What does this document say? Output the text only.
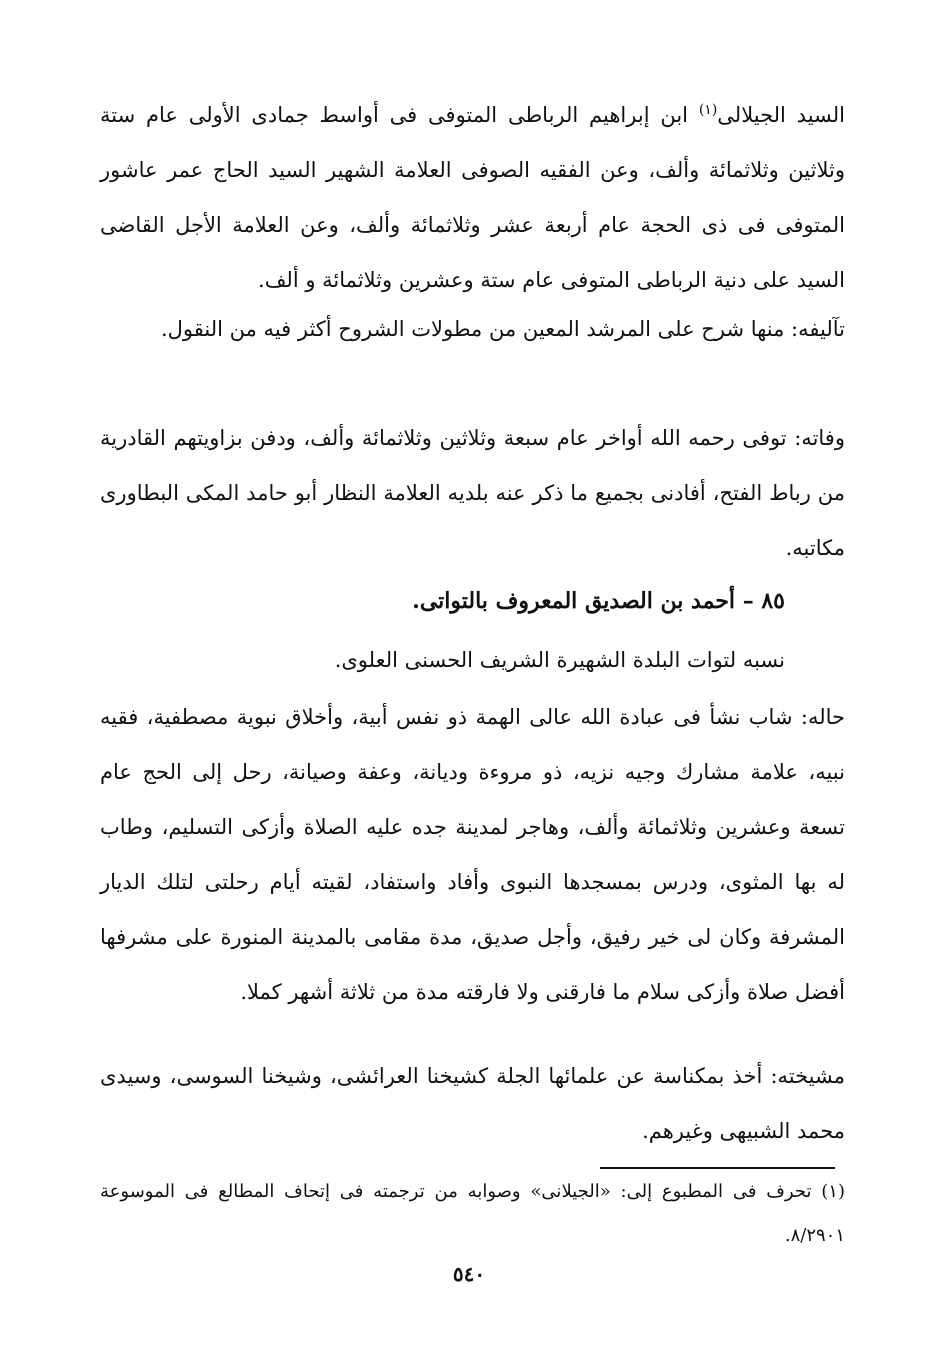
السيد الجيلالى$^{(١)}$ ابن إبراهيم الرباطى المتوفى فى أواسط جمادى الأولى عام ستة وثلاثين وثلاثمائة وألف، وعن الفقيه الصوفى العلامة الشهير السيد الحاج عمر عاشور المتوفى فى ذى الحجة عام أربعة عشر وثلاثمائة وألف، وعن العلامة الأجل القاضى السيد على دنية الرباطى المتوفى عام ستة وعشرين وثلاثمائة و ألف.

تآليفه: منها شرح على المرشد المعين من مطولات الشروح أكثر فيه من النقول.

وفاته: توفى رحمه الله أواخر عام سبعة وثلاثين وثلاثمائة وألف، ودفن بزاويتهم القادرية من رباط الفتح، أفادنى بجميع ما ذكر عنه بلديه العلامة النظار أبو حامد المكى البطاورى مكاتبه.

٨٥ – أحمد بن الصديق المعروف بالتواتى.

نسبه لتوات البلدة الشهيرة الشريف الحسنى العلوى.

حاله: شاب نشأ فى عبادة الله عالى الهمة ذو نفس أبية، وأخلاق نبوية مصطفية، فقيه نبيه، علامة مشارك وجيه نزيه، ذو مروءة وديانة، وعفة وصيانة، رحل إلى الحج عام تسعة وعشرين وثلاثمائة وألف، وهاجر لمدينة جده عليه الصلاة وأزكى التسليم، وطاب له بها المثوى، ودرس بمسجدها النبوى وأفاد واستفاد، لقيته أيام رحلتى لتلك الديار المشرفة وكان لى خير رفيق، وأجل صديق، مدة مقامى بالمدينة المنورة على مشرفها أفضل صلاة وأزكى سلام ما فارقنى ولا فارقته مدة من ثلاثة أشهر كملا.

مشيخته: أخذ بمكناسة عن علمائها الجلة كشيخنا العرائشى، وشيخنا السوسى، وسيدى محمد الشبيهى وغيرهم.

(١) تحرف فى المطبوع إلى: «الجيلانى» وصوابه من ترجمته فى إتحاف المطالع فى الموسوعة ٨/٢٩٠١.

٥٤٠
